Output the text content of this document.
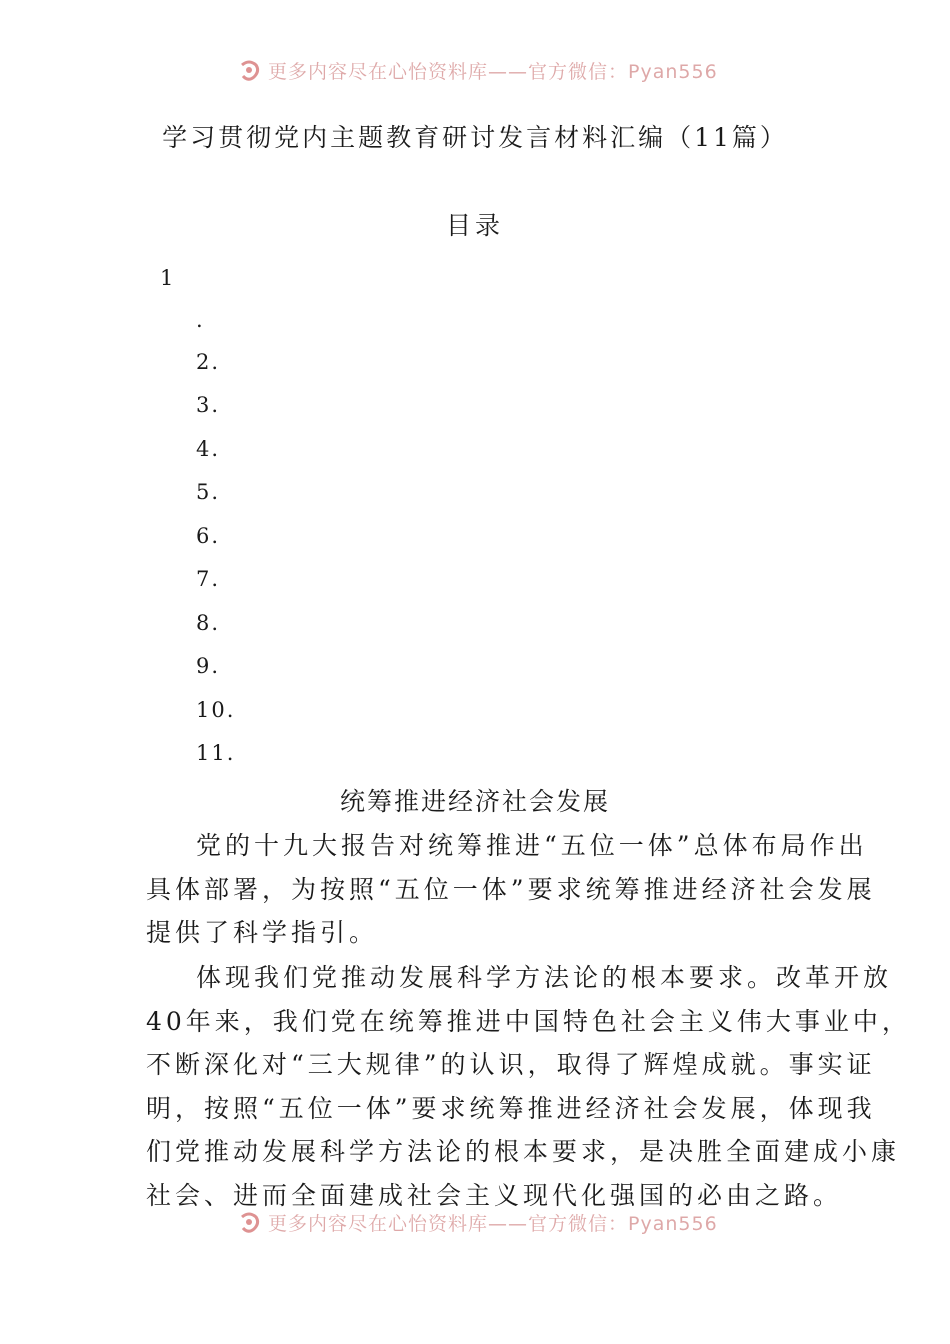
更多内容尽在心怡资料库——官方微信：Pyan556
学习贯彻党内主题教育研讨发言材料汇编（11篇）
目录
1
.
2.
3.
4.
5.
6.
7.
8.
9.
10.
11.
统筹推进经济社会发展
党的十九大报告对统筹推进“五位一体”总体布局作出
具体部署，为按照“五位一体”要求统筹推进经济社会发展
提供了科学指引。
体现我们党推动发展科学方法论的根本要求。改革开放
40年来，我们党在统筹推进中国特色社会主义伟大事业中，
不断深化对“三大规律”的认识，取得了辉煌成就。事实证
明，按照“五位一体”要求统筹推进经济社会发展，体现我
们党推动发展科学方法论的根本要求，是决胜全面建成小康
社会、进而全面建成社会主义现代化强国的必由之路。
更多内容尽在心怡资料库——官方微信：Pyan556
